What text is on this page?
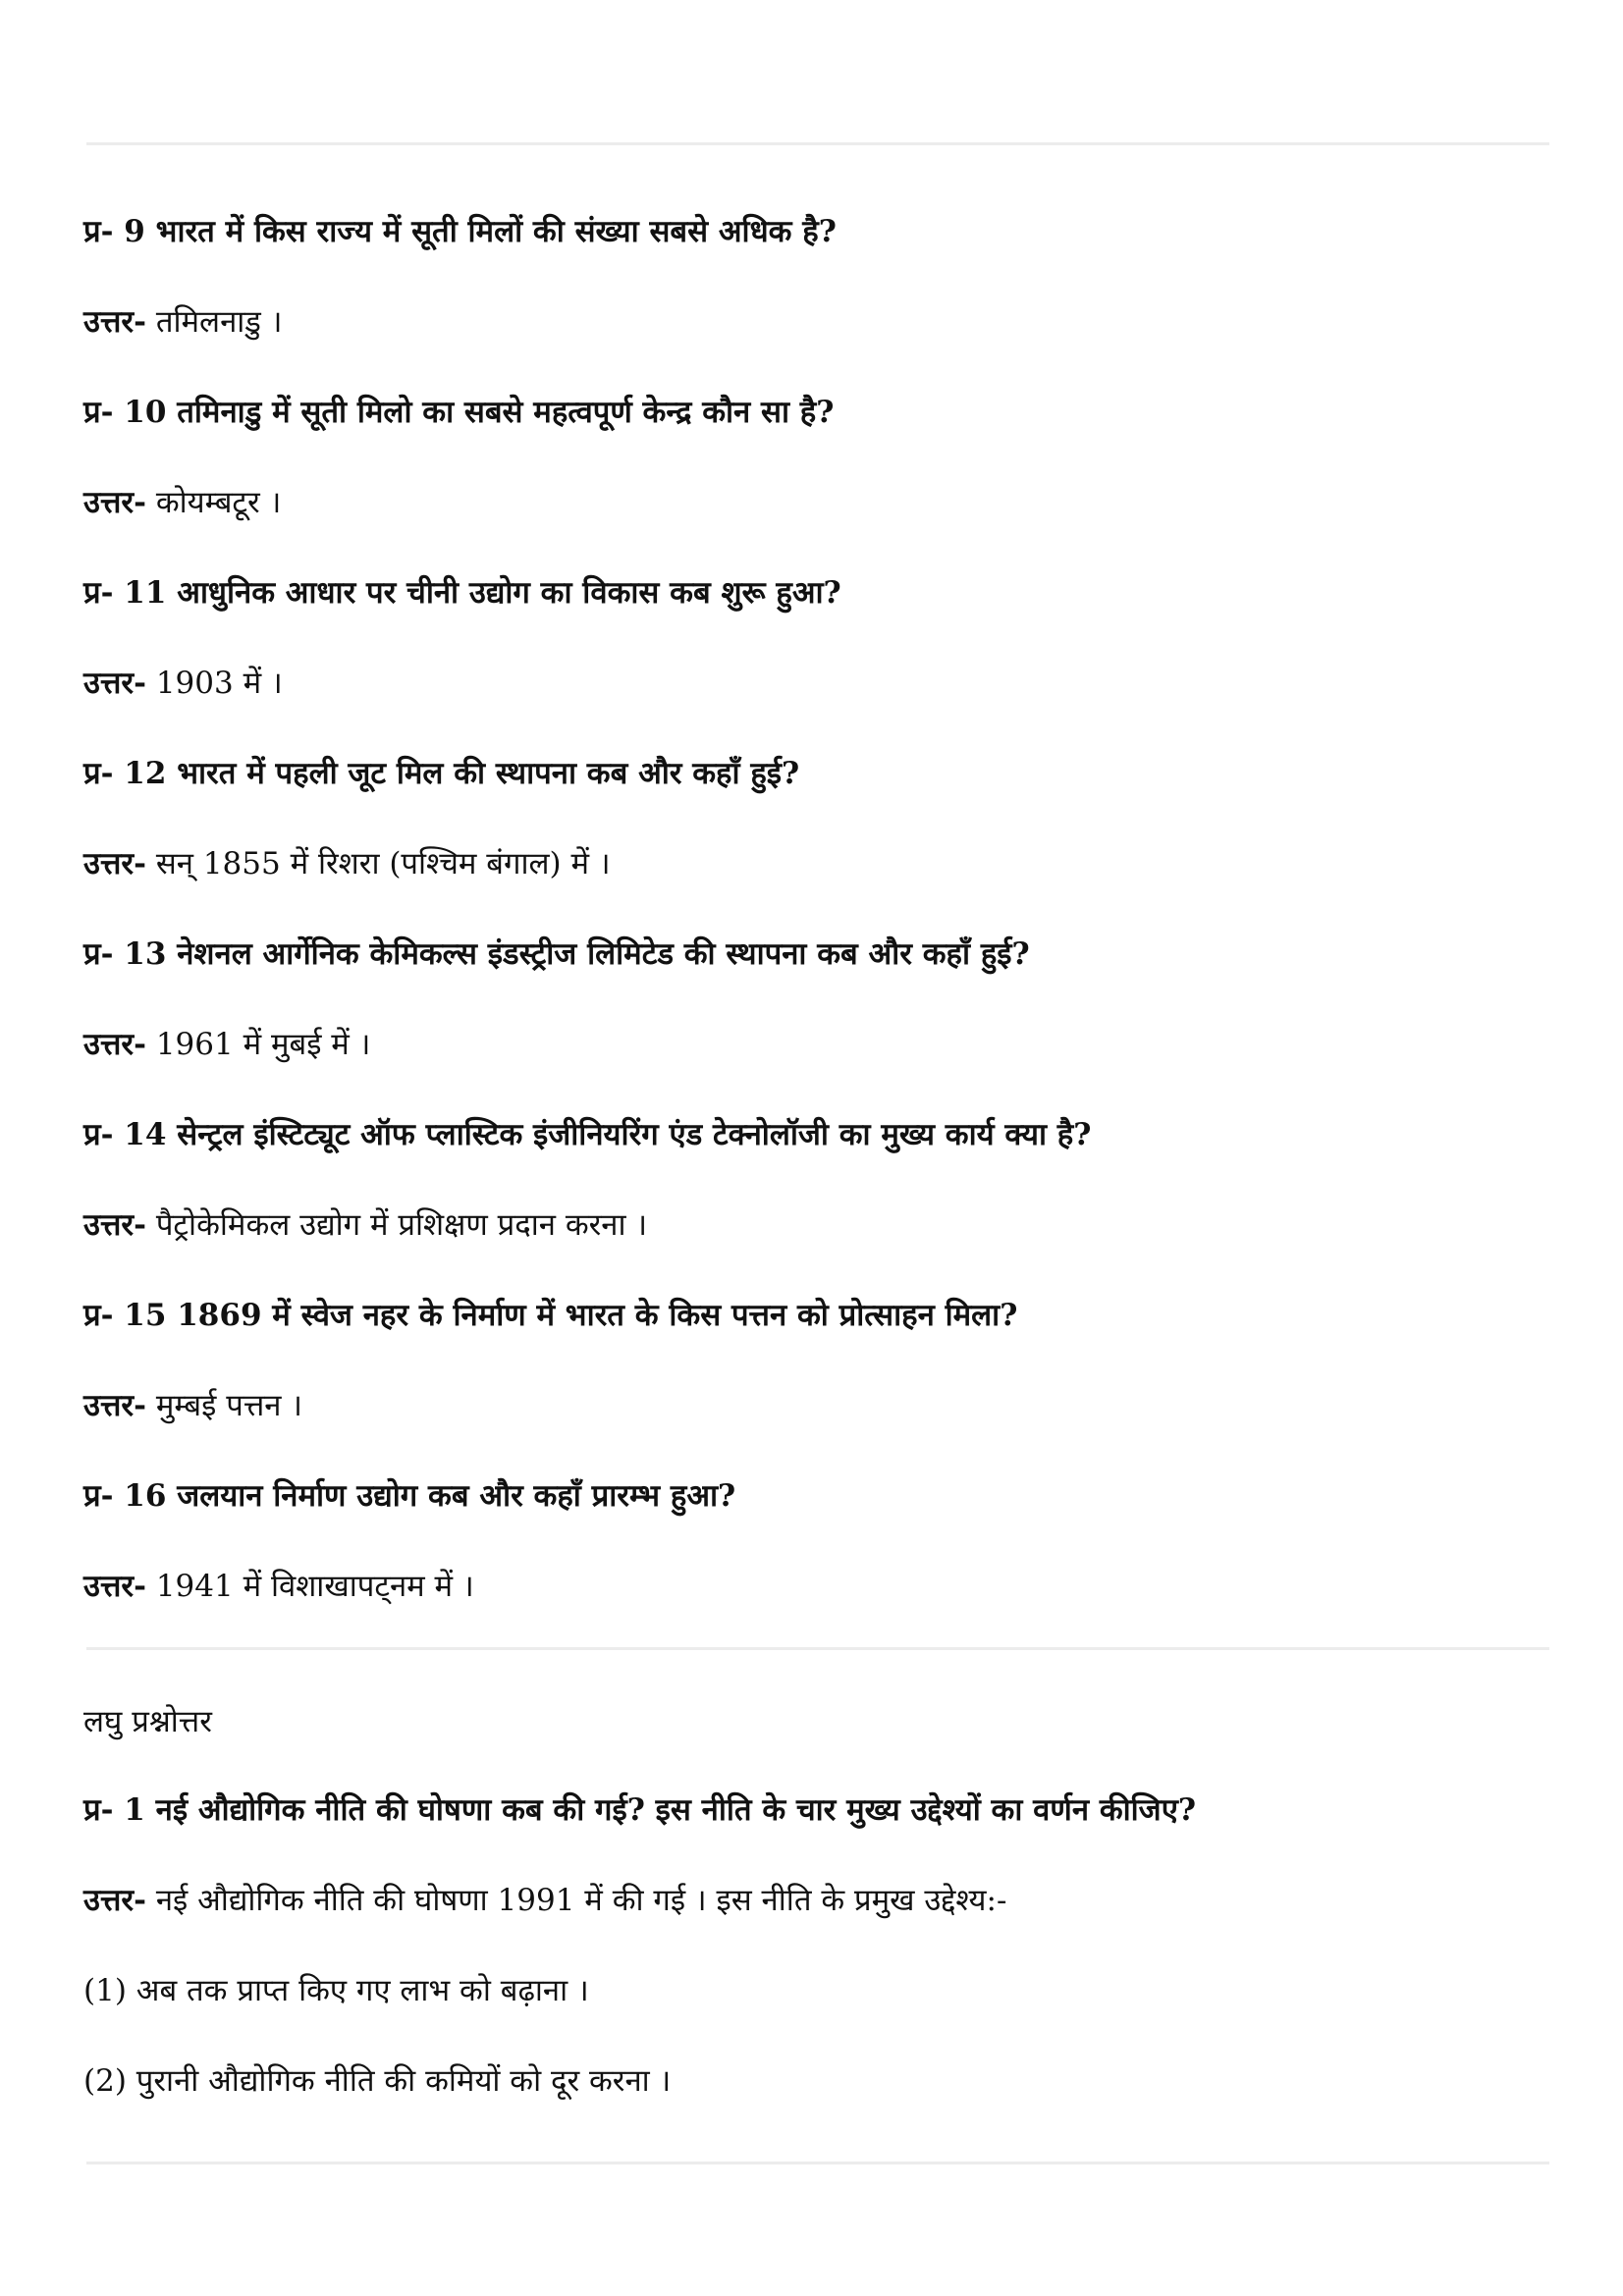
प्र- 9 भारत में किस राज्य में सूती मिलों की संख्या सबसे अधिक है?
उत्तर- तमिलनाडु ।
प्र- 10 तमिनाडु में सूती मिलो का सबसे महत्वपूर्ण केन्द्र कौन सा है?
उत्तर- कोयम्बटूर ।
प्र- 11 आधुनिक आधार पर चीनी उद्योग का विकास कब शुरू हुआ?
उत्तर- 1903 में ।
प्र- 12 भारत में पहली जूट मिल की स्थापना कब और कहाँ हुई?
उत्तर- सन् 1855 में रिशरा (पश्चिम बंगाल) में ।
प्र- 13 नेशनल आर्गेनिक केमिकल्स इंडस्ट्रीज लिमिटेड की स्थापना कब और कहाँ हुई?
उत्तर- 1961 में मुबई में ।
प्र- 14 सेन्ट्रल इंस्टिट्यूट ऑफ प्लास्टिक इंजीनियरिंग एंड टेक्नोलॉजी का मुख्य कार्य क्या है?
उत्तर- पैट्रोकेमिकल उद्योग में प्रशिक्षण प्रदान करना ।
प्र- 15 1869 में स्वेज नहर के निर्माण में भारत के किस पत्तन को प्रोत्साहन मिला?
उत्तर- मुम्बई पत्तन ।
प्र- 16 जलयान निर्माण उद्योग कब और कहाँ प्रारम्भ हुआ?
उत्तर- 1941 में विशाखापट्नम में ।
लघु प्रश्नोत्तर
प्र- 1 नई औद्योगिक नीति की घोषणा कब की गई? इस नीति के चार मुख्य उद्देश्यों का वर्णन कीजिए?
उत्तर- नई औद्योगिक नीति की घोषणा 1991 में की गई । इस नीति के प्रमुख उद्देश्य:-
(1) अब तक प्राप्त किए गए लाभ को बढ़ाना ।
(2) पुरानी औद्योगिक नीति की कमियों को दूर करना ।
